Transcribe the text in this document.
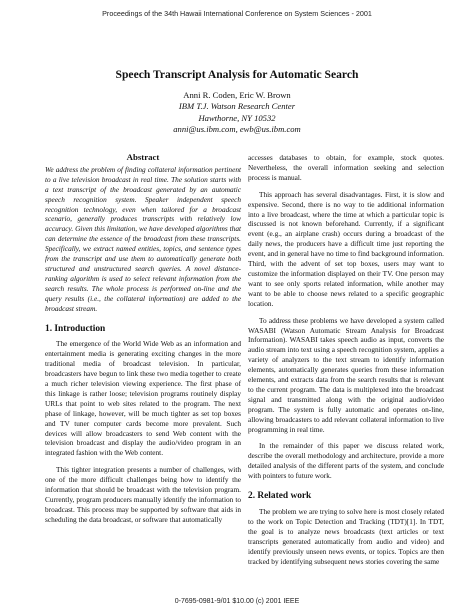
Proceedings of the 34th Hawaii International Conference on System Sciences - 2001
Speech Transcript Analysis for Automatic Search
Anni R. Coden, Eric W. Brown
IBM T.J. Watson Research Center
Hawthorne, NY 10532
anni@us.ibm.com, ewb@us.ibm.com
Abstract

We address the problem of finding collateral information pertinent to a live television broadcast in real time. The solution starts with a text transcript of the broadcast generated by an automatic speech recognition system. Speaker independent speech recognition technology, even when tailored for a broadcast scenario, generally produces transcripts with relatively low accuracy. Given this limitation, we have developed algorithms that can determine the essence of the broadcast from these transcripts. Specifically, we extract named entities, topics, and sentence types from the transcript and use them to automatically generate both structured and unstructured search queries. A novel distance-ranking algorithm is used to select relevant information from the search results. The whole process is performed on-line and the query results (i.e., the collateral information) are added to the broadcast stream.

1. Introduction

The emergence of the World Wide Web as an information and entertainment media is generating exciting changes in the more traditional media of broadcast television. In particular, broadcasters have begun to link these two media together to create a much richer television viewing experience. The first phase of this linkage is rather loose; television programs routinely display URLs that point to web sites related to the program. The next phase of linkage, however, will be much tighter as set top boxes and TV tuner computer cards become more prevalent. Such devices will allow broadcasters to send Web content with the television broadcast and display the audio/video program in an integrated fashion with the Web content.

This tighter integration presents a number of challenges, with one of the more difficult challenges being how to identify the information that should be broadcast with the television program. Currently, program producers manually identify the information to broadcast. This process may be supported by software that aids in scheduling the data broadcast, or software that automatically

accesses databases to obtain, for example, stock quotes. Nevertheless, the overall information seeking and selection process is manual.

This approach has several disadvantages. First, it is slow and expensive. Second, there is no way to tie additional information into a live broadcast, where the time at which a particular topic is discussed is not known beforehand. Currently, if a significant event (e.g., an airplane crash) occurs during a broadcast of the daily news, the producers have a difficult time just reporting the event, and in general have no time to find background information. Third, with the advent of set top boxes, users may want to customize the information displayed on their TV. One person may want to see only sports related information, while another may want to be able to choose news related to a specific geographic location.

To address these problems we have developed a system called WASABI (Watson Automatic Stream Analysis for Broadcast Information). WASABI takes speech audio as input, converts the audio stream into text using a speech recognition system, applies a variety of analyzers to the text stream to identify information elements, automatically generates queries from these information elements, and extracts data from the search results that is relevant to the current program. The data is multiplexed into the broadcast signal and transmitted along with the original audio/video program. The system is fully automatic and operates on-line, allowing broadcasters to add relevant collateral information to live programming in real time.

In the remainder of this paper we discuss related work, describe the overall methodology and architecture, provide a more detailed analysis of the different parts of the system, and conclude with pointers to future work.

2. Related work

The problem we are trying to solve here is most closely related to the work on Topic Detection and Tracking (TDT)[1]. In TDT, the goal is to analyze news broadcasts (text articles or text transcripts generated automatically from audio and video) and identify previously unseen news events, or topics. Topics are then tracked by identifying subsequent news stories covering the same

0-7695-0981-9/01 $10.00 (c) 2001 IEEE
